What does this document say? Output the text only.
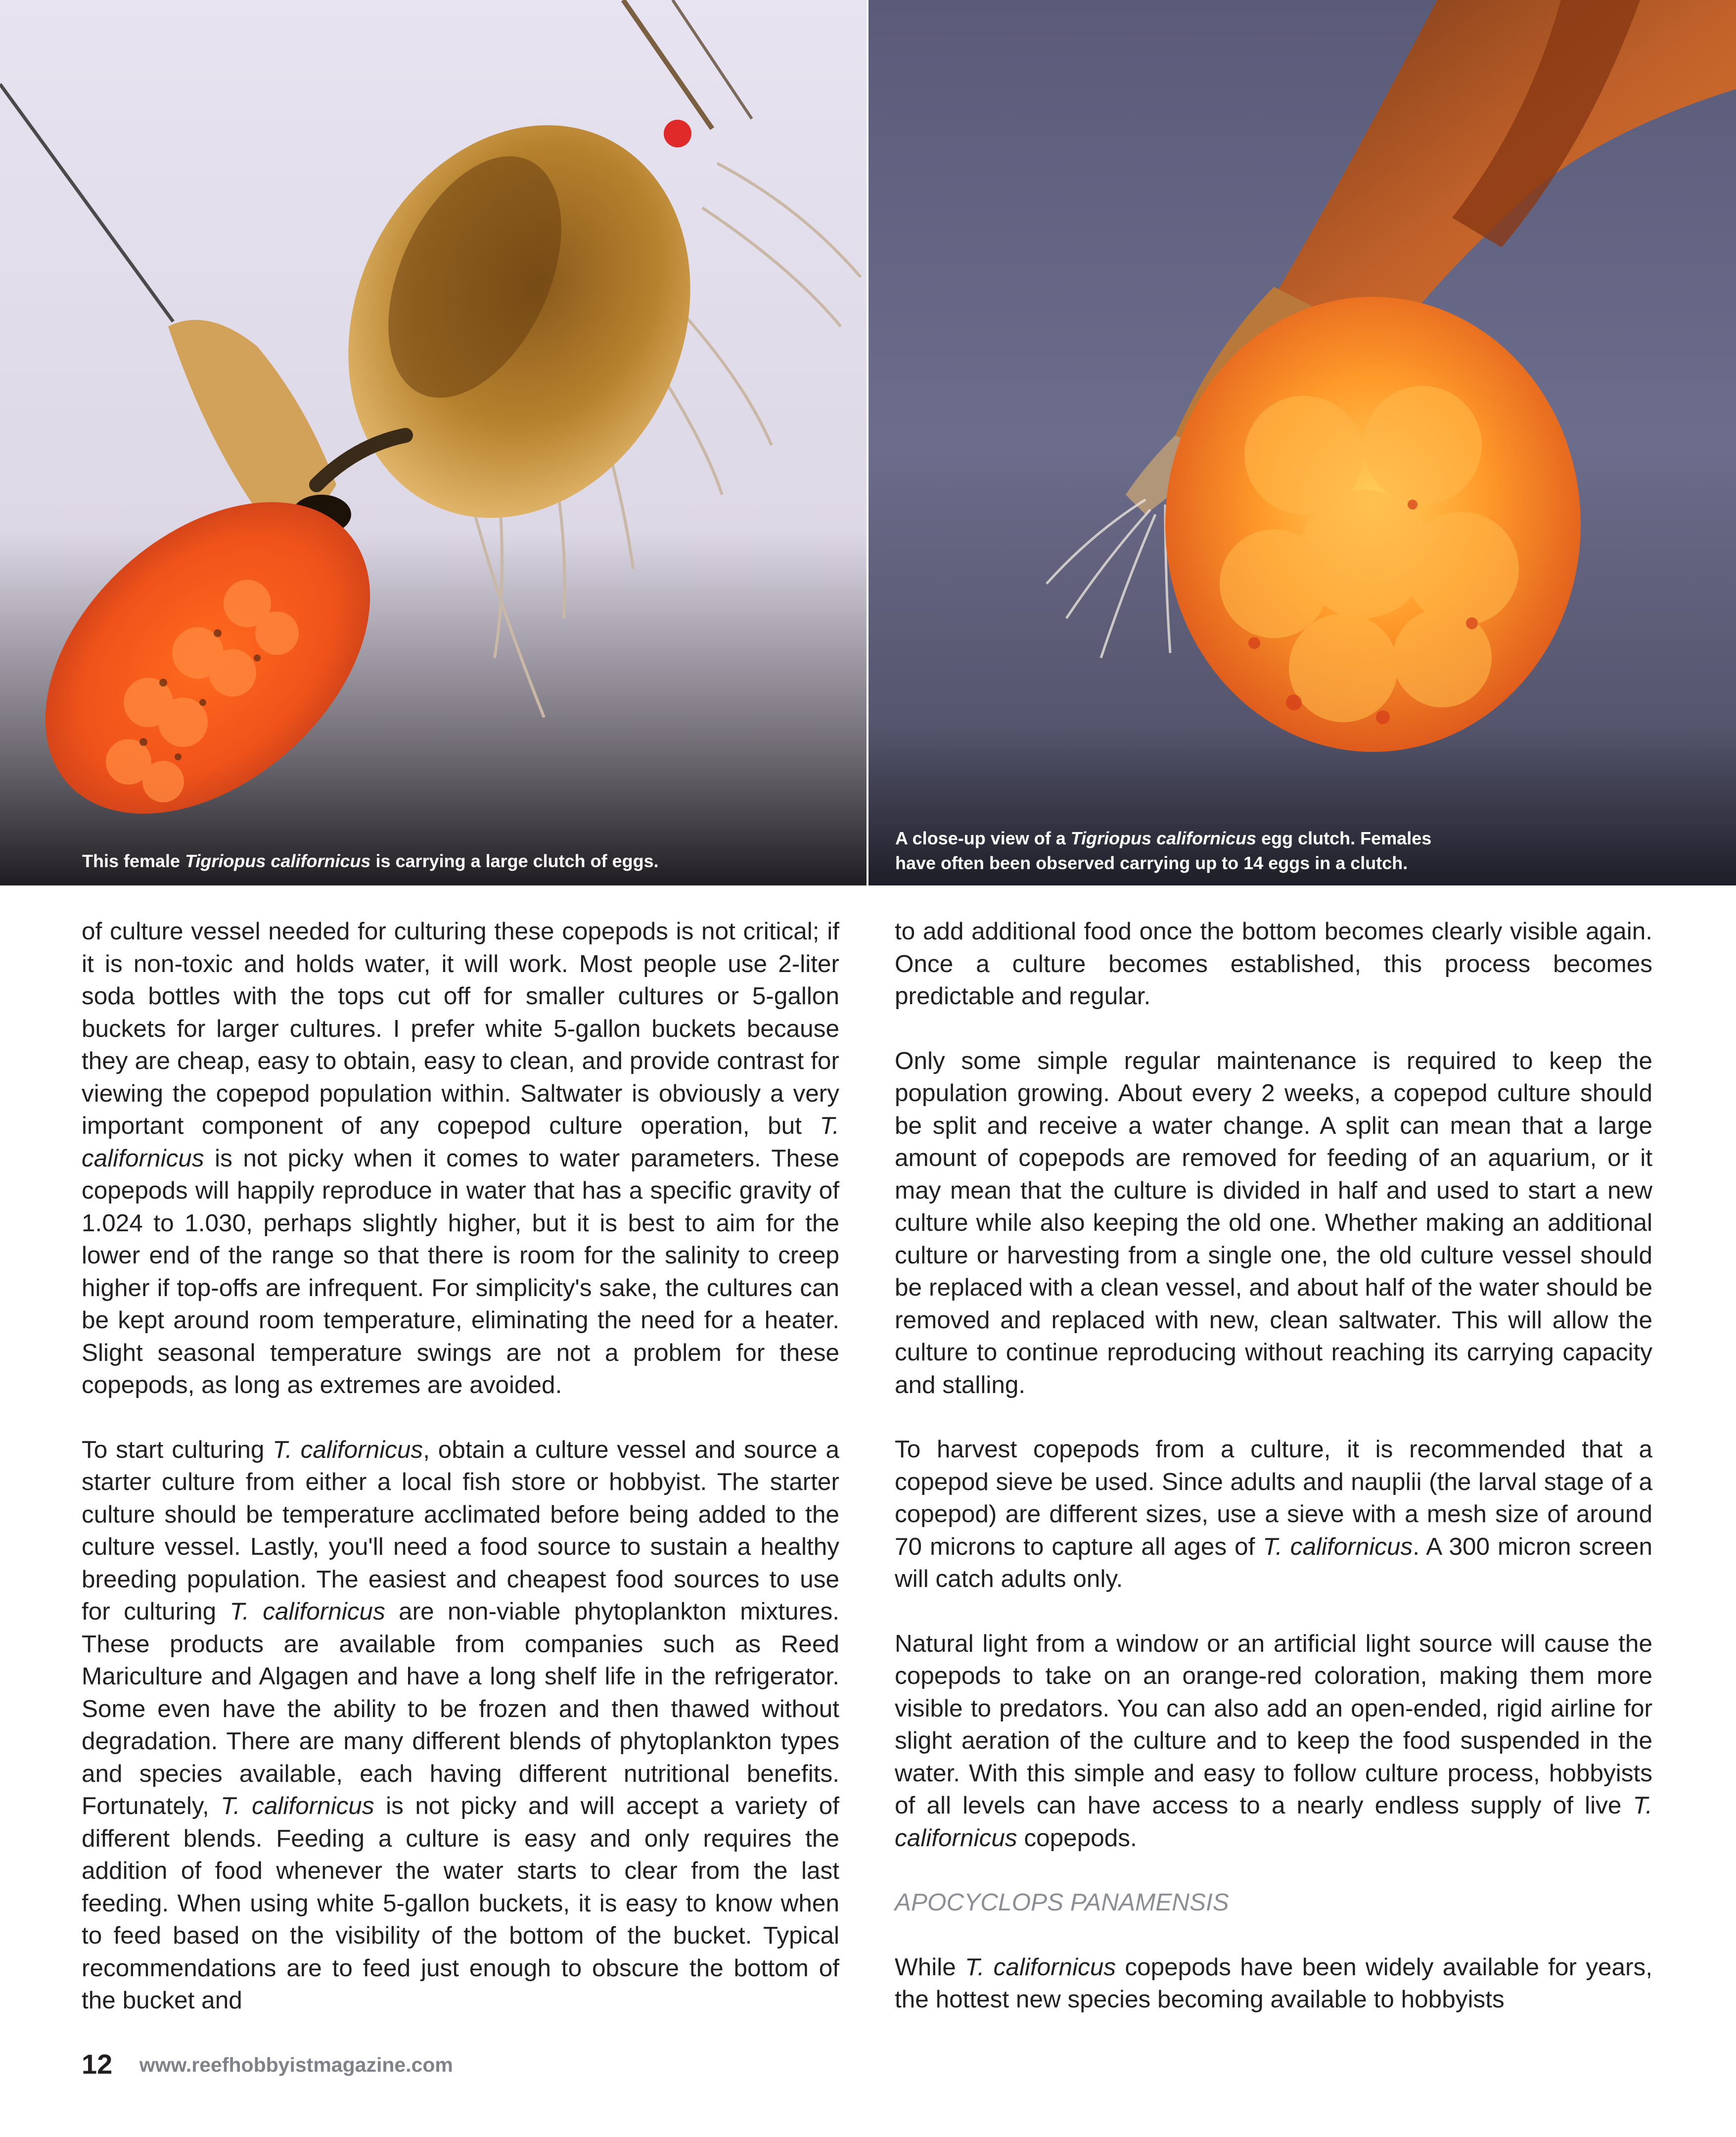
This female Tigriopus californicus is carrying a large clutch of eggs.
A close-up view of a Tigriopus californicus egg clutch. Females
have often been observed carrying up to 14 eggs in a clutch.

of culture vessel needed for culturing these copepods is not critical; if it is non-toxic and holds water, it will work. Most people use 2-liter soda bottles with the tops cut off for smaller cultures or 5-gallon buckets for larger cultures. I prefer white 5-gallon buckets because they are cheap, easy to obtain, easy to clean, and provide contrast for viewing the copepod population within. Saltwater is obviously a very important component of any copepod culture operation, but T. californicus is not picky when it comes to water parameters. These copepods will happily reproduce in water that has a specific gravity of 1.024 to 1.030, perhaps slightly higher, but it is best to aim for the lower end of the range so that there is room for the salinity to creep higher if top-offs are infrequent. For simplicity's sake, the cultures can be kept around room temperature, eliminating the need for a heater. Slight seasonal temperature swings are not a problem for these copepods, as long as extremes are avoided.

To start culturing T. californicus, obtain a culture vessel and source a starter culture from either a local fish store or hobbyist. The starter culture should be temperature acclimated before being added to the culture vessel. Lastly, you'll need a food source to sustain a healthy breeding population. The easiest and cheapest food sources to use for culturing T. californicus are non-viable phytoplankton mixtures. These products are available from companies such as Reed Mariculture and Algagen and have a long shelf life in the refrigerator. Some even have the ability to be frozen and then thawed without degradation. There are many different blends of phytoplankton types and species available, each having different nutritional benefits. Fortunately, T. californicus is not picky and will accept a variety of different blends. Feeding a culture is easy and only requires the addition of food whenever the water starts to clear from the last feeding. When using white 5-gallon buckets, it is easy to know when to feed based on the visibility of the bottom of the bucket. Typical recommendations are to feed just enough to obscure the bottom of the bucket and

to add additional food once the bottom becomes clearly visible again. Once a culture becomes established, this process becomes predictable and regular.

Only some simple regular maintenance is required to keep the population growing. About every 2 weeks, a copepod culture should be split and receive a water change. A split can mean that a large amount of copepods are removed for feeding of an aquarium, or it may mean that the culture is divided in half and used to start a new culture while also keeping the old one. Whether making an additional culture or harvesting from a single one, the old culture vessel should be replaced with a clean vessel, and about half of the water should be removed and replaced with new, clean saltwater. This will allow the culture to continue reproducing without reaching its carrying capacity and stalling.

To harvest copepods from a culture, it is recommended that a copepod sieve be used. Since adults and nauplii (the larval stage of a copepod) are different sizes, use a sieve with a mesh size of around 70 microns to capture all ages of T. californicus. A 300 micron screen will catch adults only.

Natural light from a window or an artificial light source will cause the copepods to take on an orange-red coloration, making them more visible to predators. You can also add an open-ended, rigid airline for slight aeration of the culture and to keep the food suspended in the water. With this simple and easy to follow culture process, hobbyists of all levels can have access to a nearly endless supply of live T. californicus copepods.

APOCYCLOPS PANAMENSIS

While T. californicus copepods have been widely available for years, the hottest new species becoming available to hobbyists

12 www.reefhobbyistmagazine.com
